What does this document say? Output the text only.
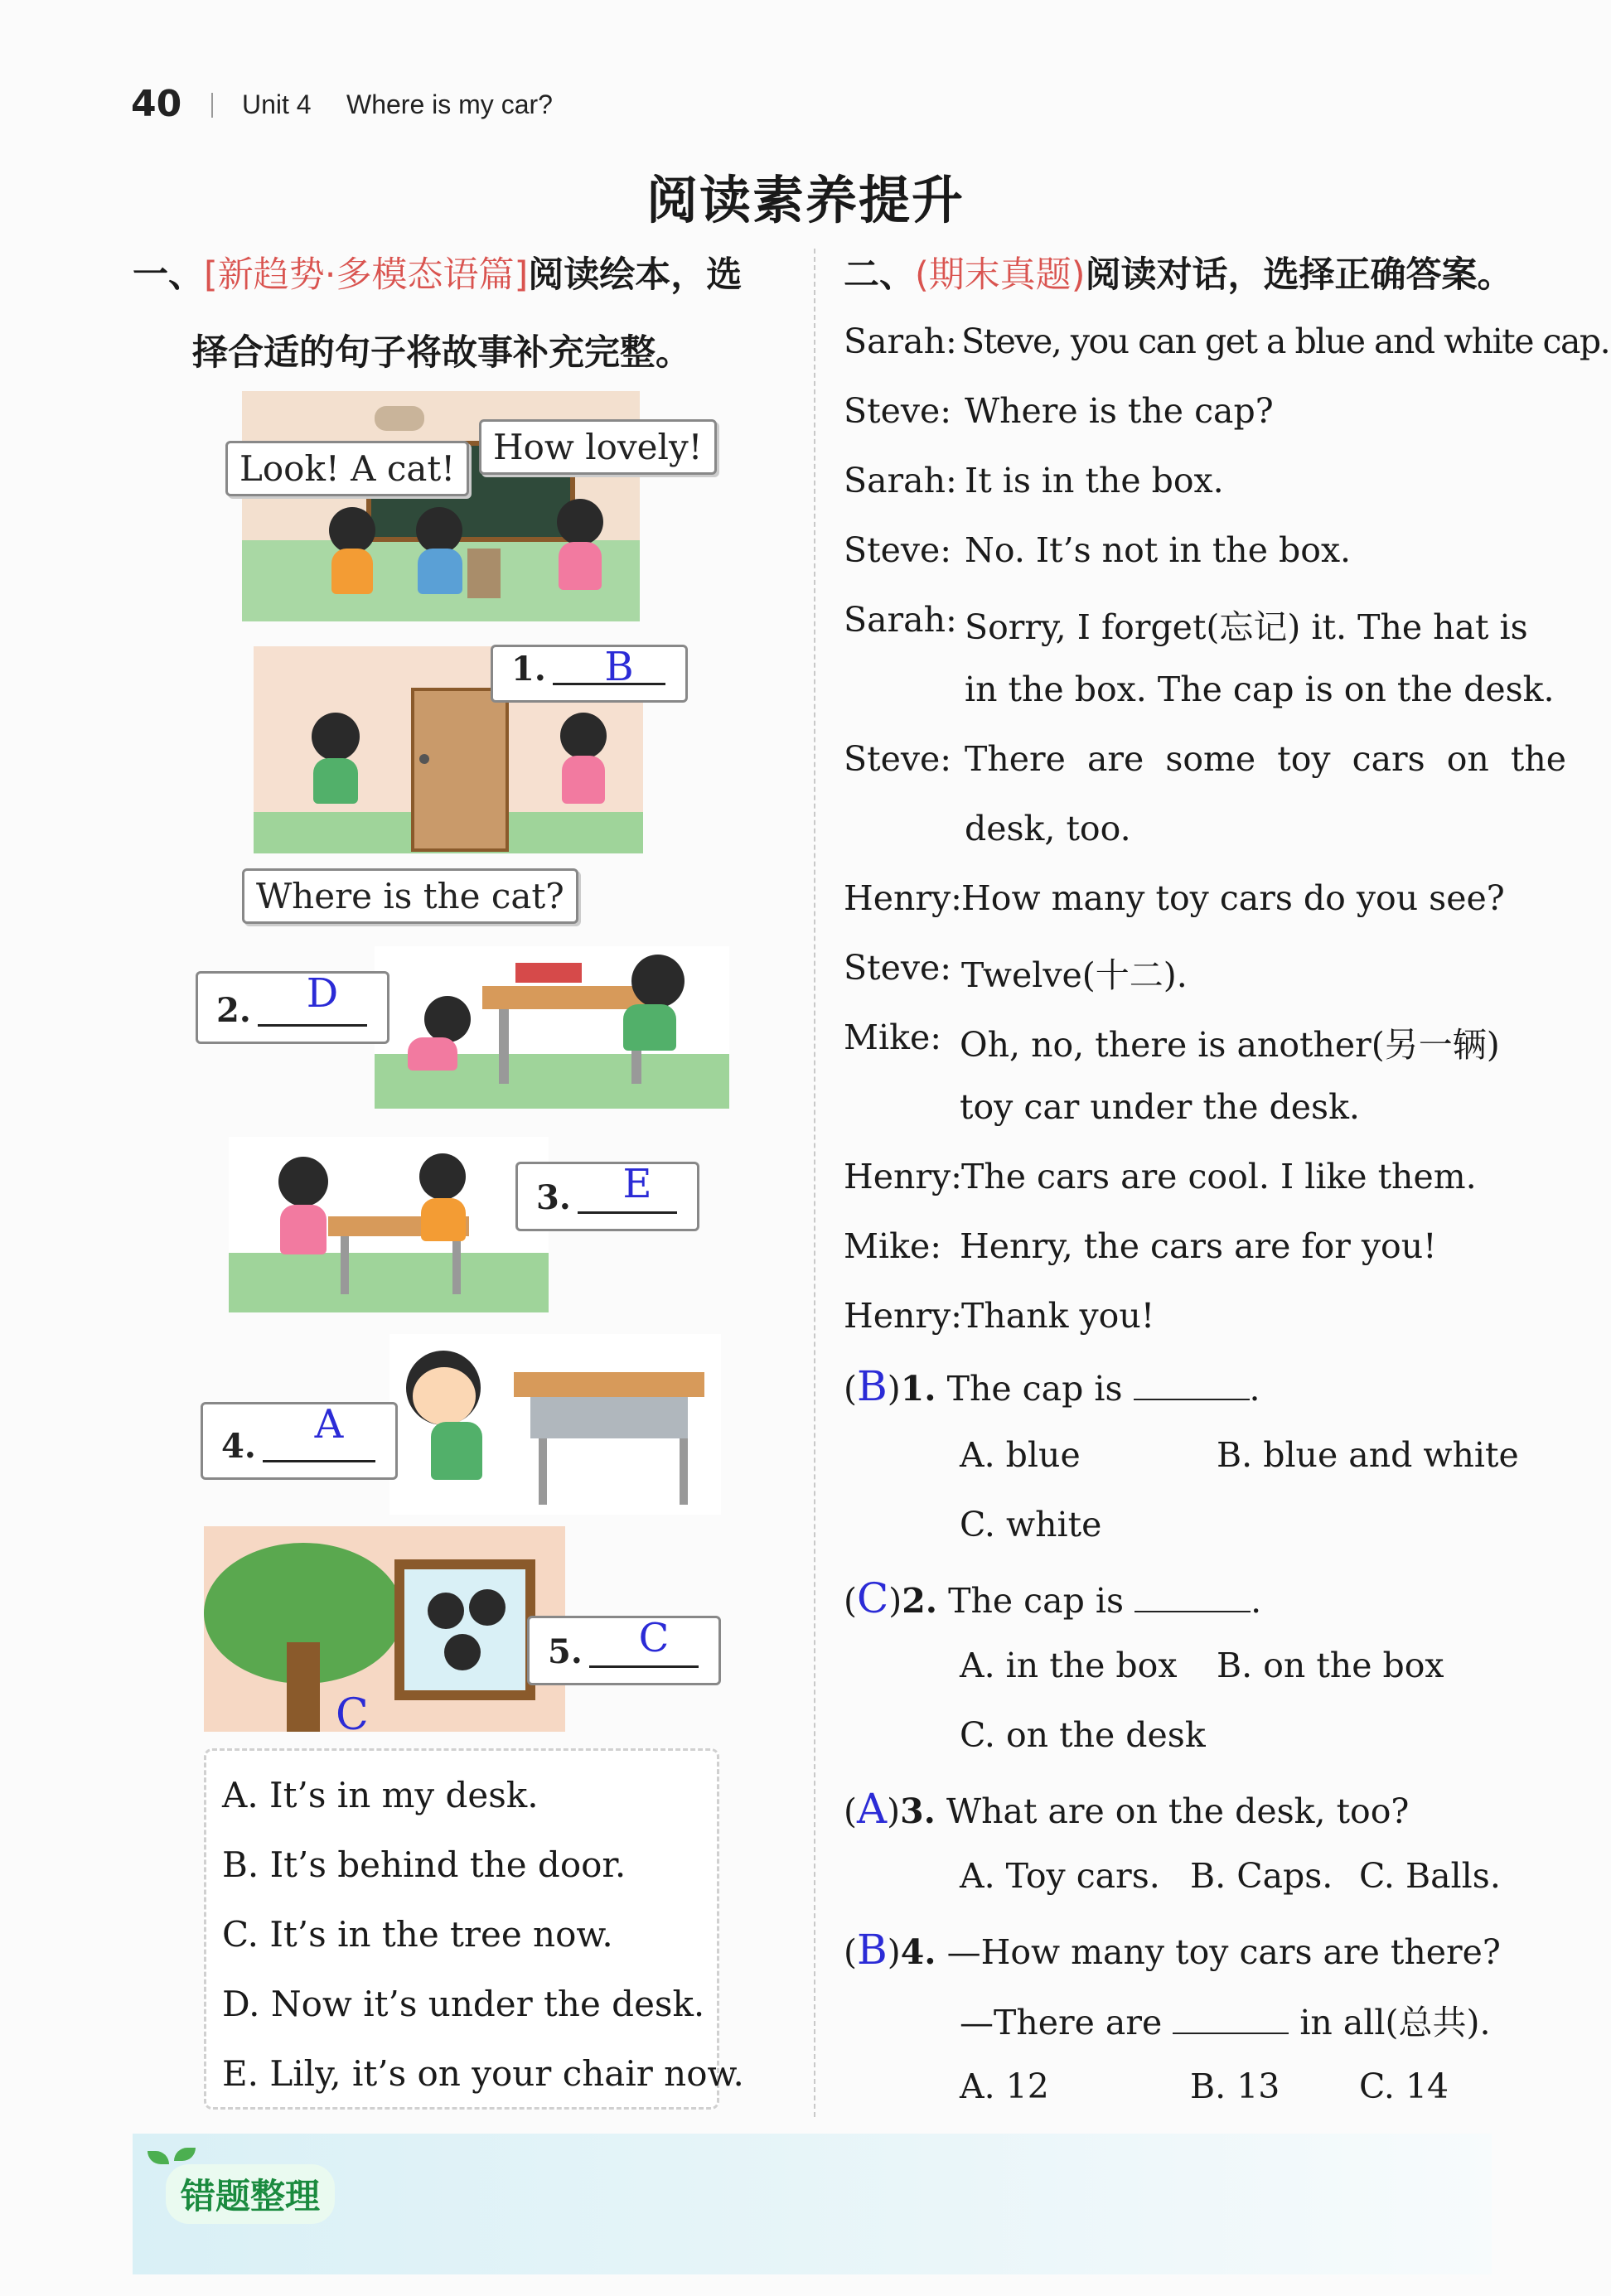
40 Unit 4 Where is my car?
阅读素养提升
一、[新趋势·多模态语篇]阅读绘本，选
择合适的句子将故事补充完整。
Look! A cat!
How lovely!
1.	B
Where is the cat?
2.	D
3.	E
4.	A
5.	C
C
A. It’s in my desk.
B. It’s behind the door.
C. It’s in the tree now.
D. Now it’s under the desk.
E. Lily, it’s on your chair now.
二、(期末真题)阅读对话，选择正确答案。
Sarah: Steve, you can get a blue and white cap.
Steve: Where is the cap?
Sarah: It is in the box.
Steve: No. It’s not in the box.
Sarah: Sorry, I forget(忘记) it. The hat is
in the box. The cap is on the desk.
Steve: There  are  some  toy  cars  on  the
desk, too.
Henry: How many toy cars do you see?
Steve: Twelve(十二).
Mike: Oh, no, there is another(另一辆)
toy car under the desk.
Henry: The cars are cool. I like them.
Mike: Henry, the cars are for you!
Henry: Thank you!
(B)1. The cap is	.
A. blue	B. blue and white
C. white
(C)2. The cap is	.
A. in the box B. on the box
C. on the desk
(A)3. What are on the desk, too?
A. Toy cars. B. Caps. C. Balls.
(B)4. —How many toy cars are there?
—There are	in all(总共).
A. 12	B. 13 C. 14
错题整理
